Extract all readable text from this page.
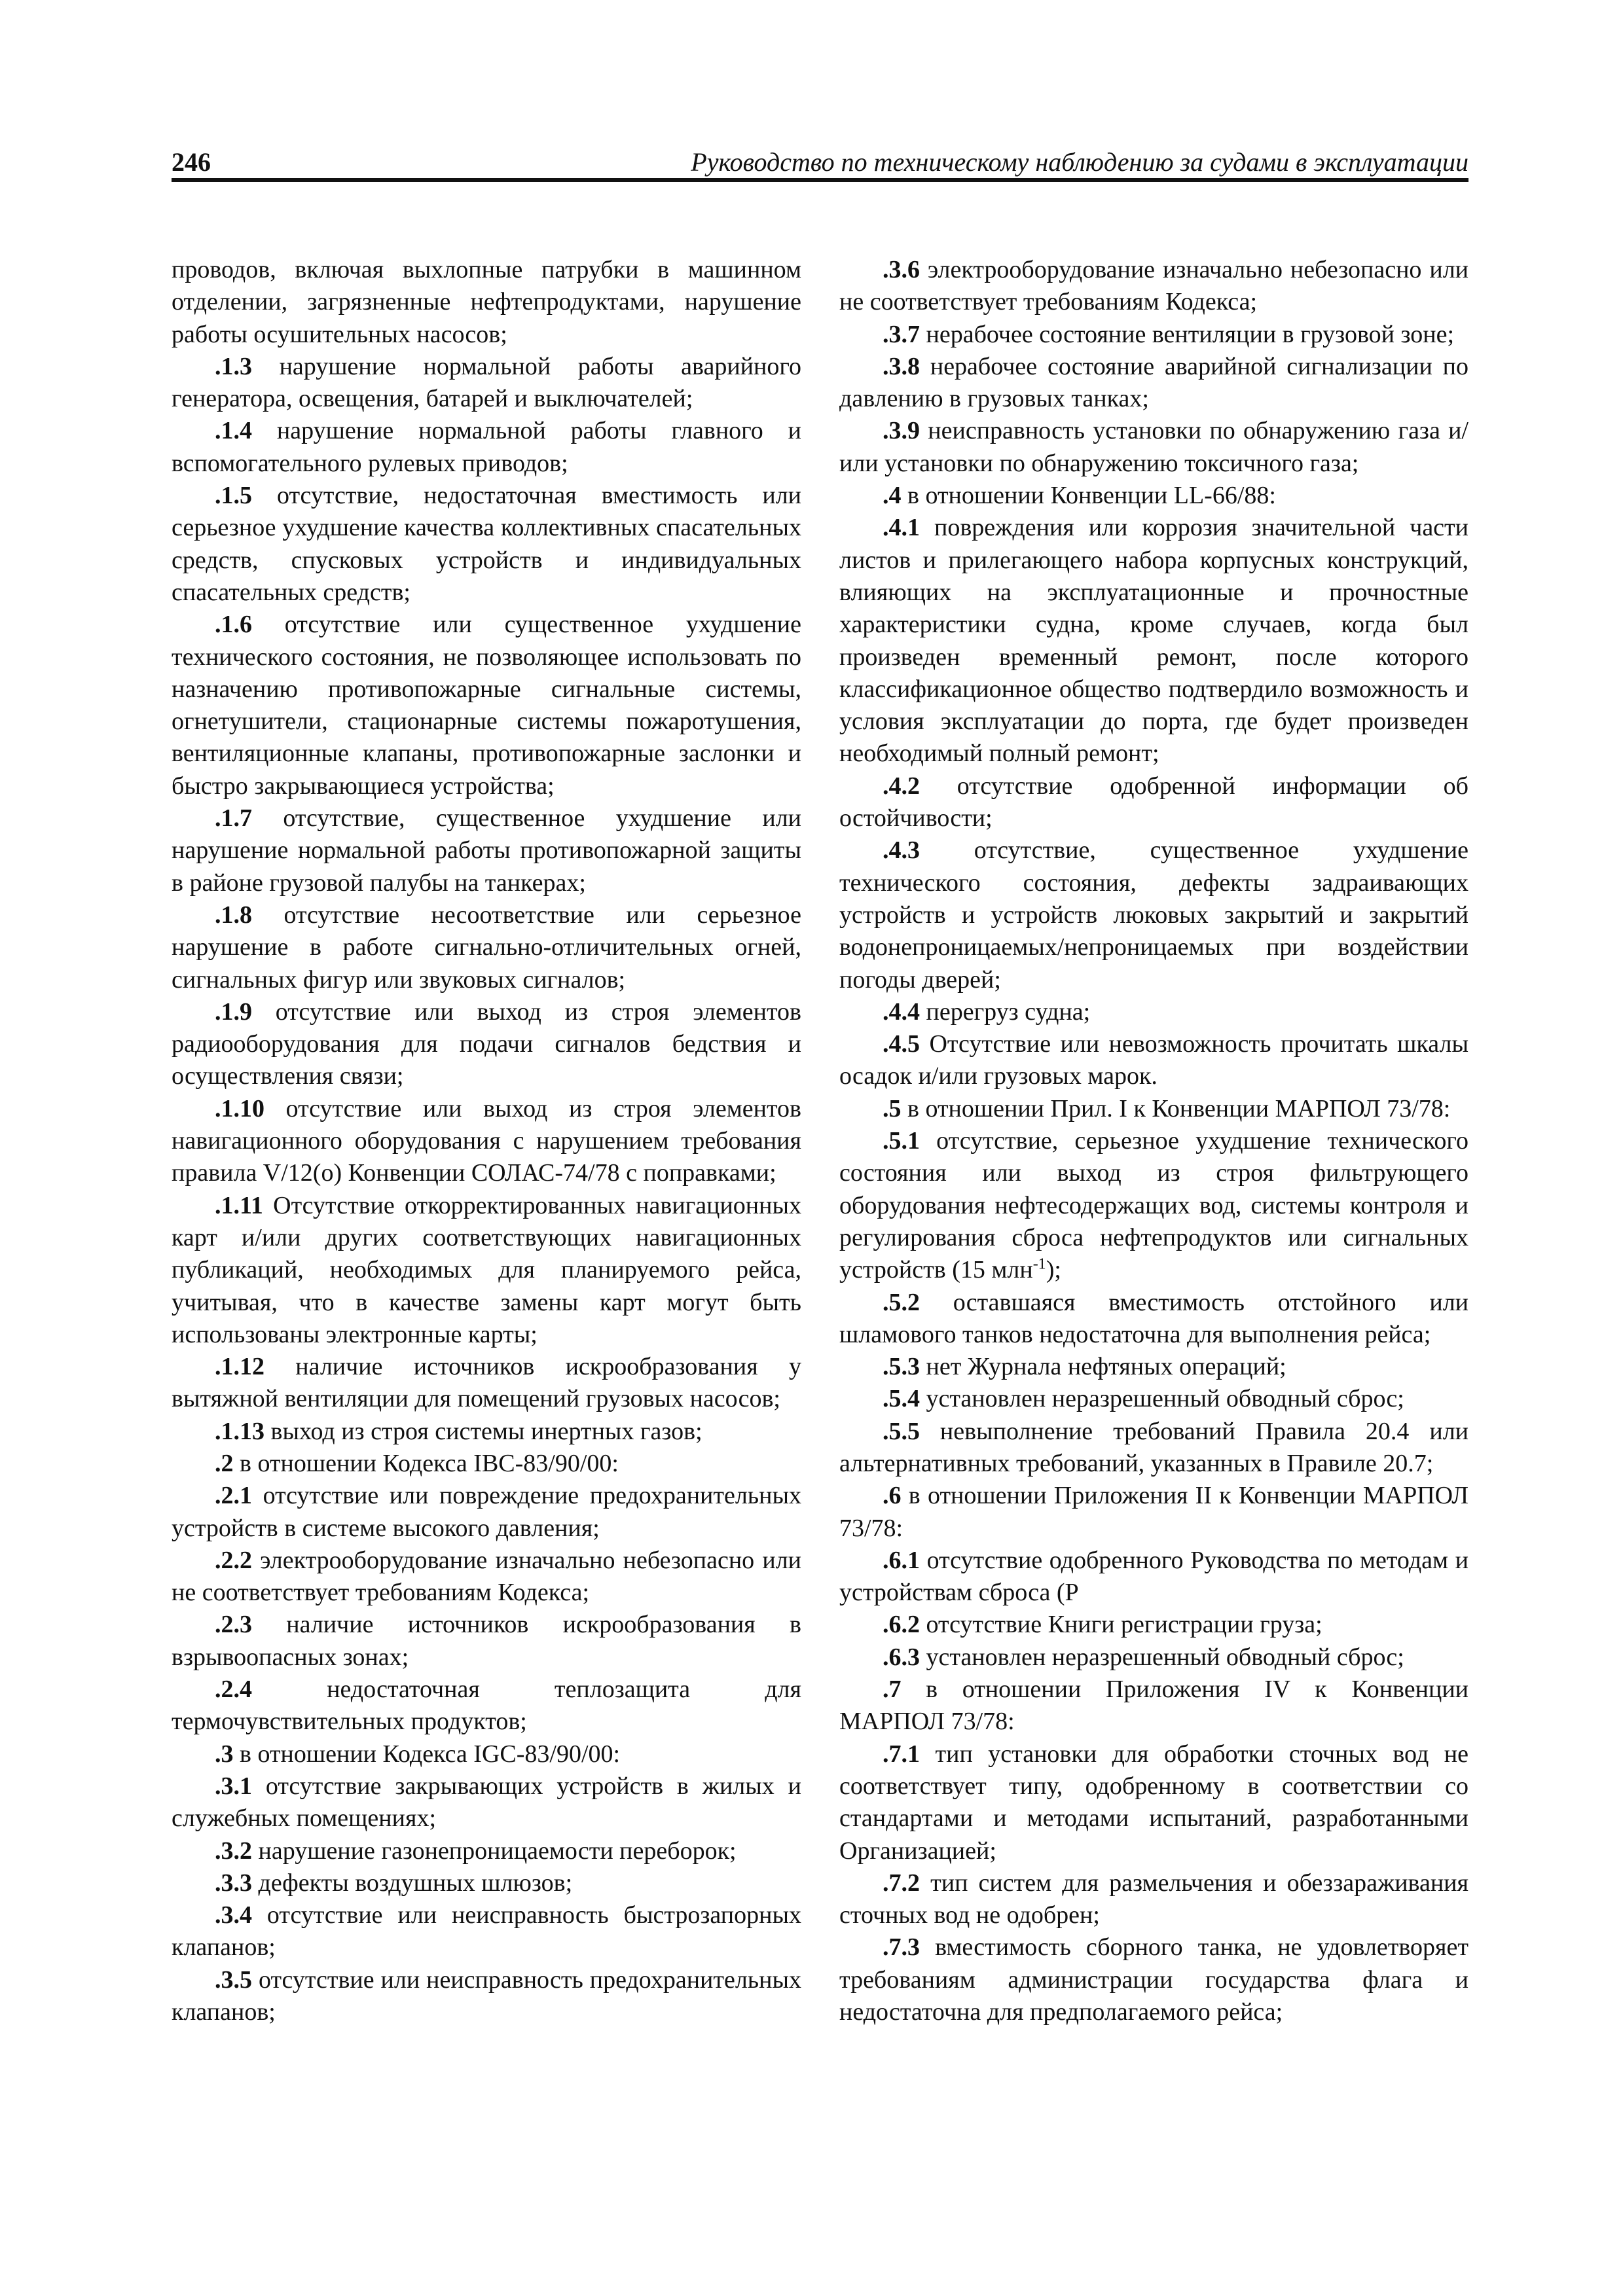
246	Руководство по техническому наблюдению за судами в эксплуатации

проводов, включая выхлопные патрубки в машинном отделении, загрязненные нефтепродуктами, нарушение работы осушительных насосов;

.1.3 нарушение нормальной работы аварийного генератора, освещения, батарей и выключателей;

.1.4 нарушение нормальной работы главного и вспомогательного рулевых приводов;

.1.5 отсутствие, недостаточная вместимость или серьезное ухудшение качества коллективных спасательных средств, спусковых устройств и индивидуальных спасательных средств;

.1.6 отсутствие или существенное ухудшение технического состояния, не позволяющее использовать по назначению противопожарные сигнальные системы, огнетушители, стационарные системы пожаротушения, вентиляционные клапаны, противопожарные заслонки и быстро закрывающиеся устройства;

.1.7 отсутствие, существенное ухудшение или нарушение нормальной работы противопожарной защиты в районе грузовой палубы на танкерах;

.1.8 отсутствие несоответствие или серьезное нарушение в работе сигнально-отличительных огней, сигнальных фигур или звуковых сигналов;

.1.9 отсутствие или выход из строя элементов радиооборудования для подачи сигналов бедствия и осуществления связи;

.1.10 отсутствие или выход из строя элементов навигационного оборудования с нарушением требования правила V/12(o) Конвенции СОЛАС-74/78 с поправками;

.1.11 Отсутствие откорректированных навигационных карт и/или других соответствующих навигационных публикаций, необходимых для планируемого рейса, учитывая, что в качестве замены карт могут быть использованы электронные карты;

.1.12 наличие источников искрообразования у вытяжной вентиляции для помещений грузовых насосов;

.1.13 выход из строя системы инертных газов;

.2 в отношении Кодекса IBC-83/90/00:

.2.1 отсутствие или повреждение предохранительных устройств в системе высокого давления;

.2.2 электрооборудование изначально небезопасно или не соответствует требованиям Кодекса;

.2.3 наличие источников искрообразования в взрывоопасных зонах;

.2.4 недостаточная теплозащита для термочувствительных продуктов;

.3 в отношении Кодекса IGC-83/90/00:

.3.1 отсутствие закрывающих устройств в жилых и служебных помещениях;

.3.2 нарушение газонепроницаемости переборок;

.3.3 дефекты воздушных шлюзов;

.3.4 отсутствие или неисправность быстрозапорных клапанов;

.3.5 отсутствие или неисправность предохранительных клапанов;

.3.6 электрооборудование изначально небезопасно или не соответствует требованиям Кодекса;

.3.7 нерабочее состояние вентиляции в грузовой зоне;

.3.8 нерабочее состояние аварийной сигнализации по давлению в грузовых танках;

.3.9 неисправность установки по обнаружению газа и/или установки по обнаружению токсичного газа;

.4 в отношении Конвенции LL-66/88:

.4.1 повреждения или коррозия значительной части листов и прилегающего набора корпусных конструкций, влияющих на эксплуатационные и прочностные характеристики судна, кроме случаев, когда был произведен временный ремонт, после которого классификационное общество подтвердило возможность и условия эксплуатации до порта, где будет произведен необходимый полный ремонт;

.4.2 отсутствие одобренной информации об остойчивости;

.4.3 отсутствие, существенное ухудшение технического состояния, дефекты задраивающих устройств и устройств люковых закрытий и закрытий водонепроницаемых/непроницаемых при воздействии погоды дверей;

.4.4 перегруз судна;

.4.5 Отсутствие или невозможность прочитать шкалы осадок и/или грузовых марок.

.5 в отношении Прил. I к Конвенции МАРПОЛ 73/78:

.5.1 отсутствие, серьезное ухудшение технического состояния или выход из строя фильтрующего оборудования нефтесодержащих вод, системы контроля и регулирования сброса нефтепродуктов или сигнальных устройств (15 млн$^{-1}$);

.5.2 оставшаяся вместимость отстойного или шламового танков недостаточна для выполнения рейса;

.5.3 нет Журнала нефтяных операций;

.5.4 установлен неразрешенный обводный сброс;

.5.5 невыполнение требований Правила 20.4 или альтернативных требований, указанных в Правиле 20.7;

.6 в отношении Приложения II к Конвенции МАРПОЛ 73/78:

.6.1 отсутствие одобренного Руководства по методам и устройствам сброса (Р

.6.2 отсутствие Книги регистрации груза;

.6.3 установлен неразрешенный обводный сброс;

.7 в отношении Приложения IV к Конвенции МАРПОЛ 73/78:

.7.1 тип установки для обработки сточных вод не соответствует типу, одобренному в соответствии со стандартами и методами испытаний, разработанными Организацией;

.7.2 тип систем для размельчения и обеззараживания сточных вод не одобрен;

.7.3 вместимость сборного танка, не удовлетворяет требованиям администрации государства флага и недостаточна для предполагаемого рейса;
